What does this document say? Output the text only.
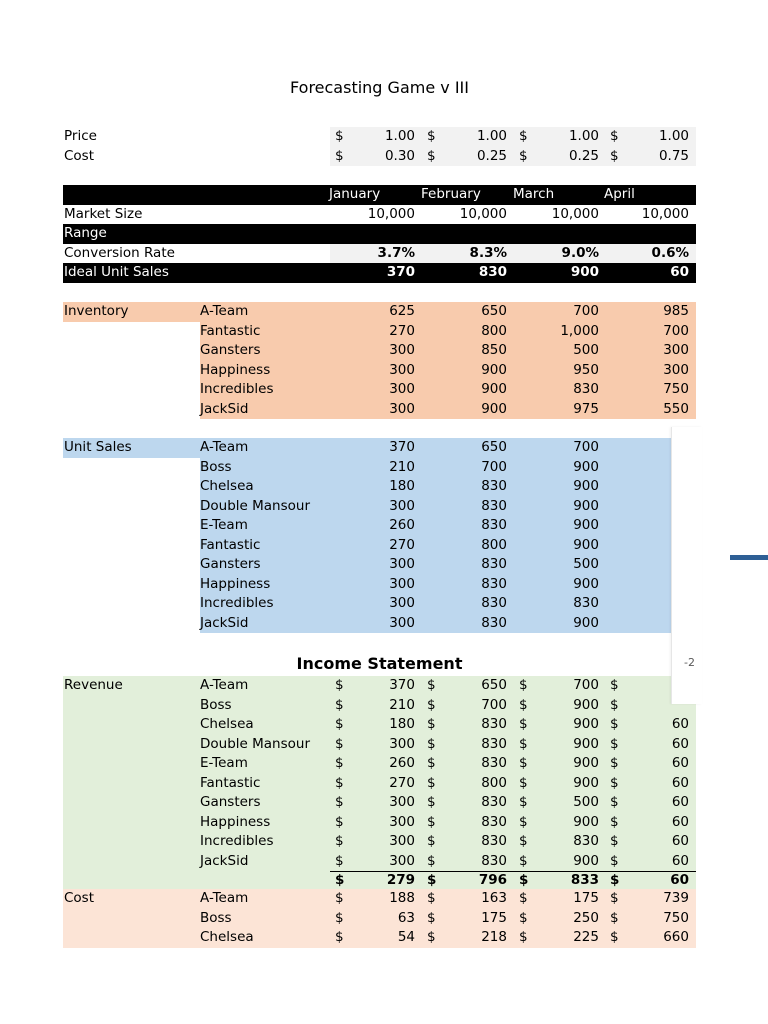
Forecasting Game v III
Price	$	1.00 $	1.00 $	1.00 $	1.00
Cost	$	0.30 $	0.25 $	0.25 $	0.75
January	February March	April
Market Size	10,000	10,000	10,000	10,000
Range
Conversion Rate	3.7%	8.3%	9.0%	0.6%
Ideal Unit Sales	370	830	900	60
Inventory	A-Team	625	650	700	985
Fantastic	270	800	1,000	700
Gansters	300	850	500	300
Happiness	300	900	950	300
Incredibles	300	900	830	750
JackSid	300	900	975	550
Unit Sales	A-Team	370	650	700
Boss	210	700	900
Chelsea	180	830	900
Double Mansour	300	830	900
E-Team	260	830	900
Fantastic	270	800	900
Gansters	300	830	500
Happiness	300	830	900
Incredibles	300	830	830
JackSid	300	830	900
Revenue	A-Team	$	370 $	650 $	700 $
Boss	$	210 $	700 $	900 $
Chelsea	$	180 $	830 $	900 $	60
Double Mansour $	300 $	830 $	900 $	60
E-Team	$	260 $	830 $	900 $	60
Fantastic	$	270 $	800 $	900 $	60
Gansters	$	300 $	830 $	500 $	60
Happiness	$	300 $	830 $	900 $	60
Incredibles	$	300 $	830 $	830 $	60
JackSid	$	300 $	830 $	900 $	60
$	279 $	796 $	833 $	60
Cost	A-Team	$	188 $	163 $	175 $	739
Boss	$	63 $	175 $	250 $	750
Chelsea	$	54 $	218 $	225 $	660
Income Statement	-2
